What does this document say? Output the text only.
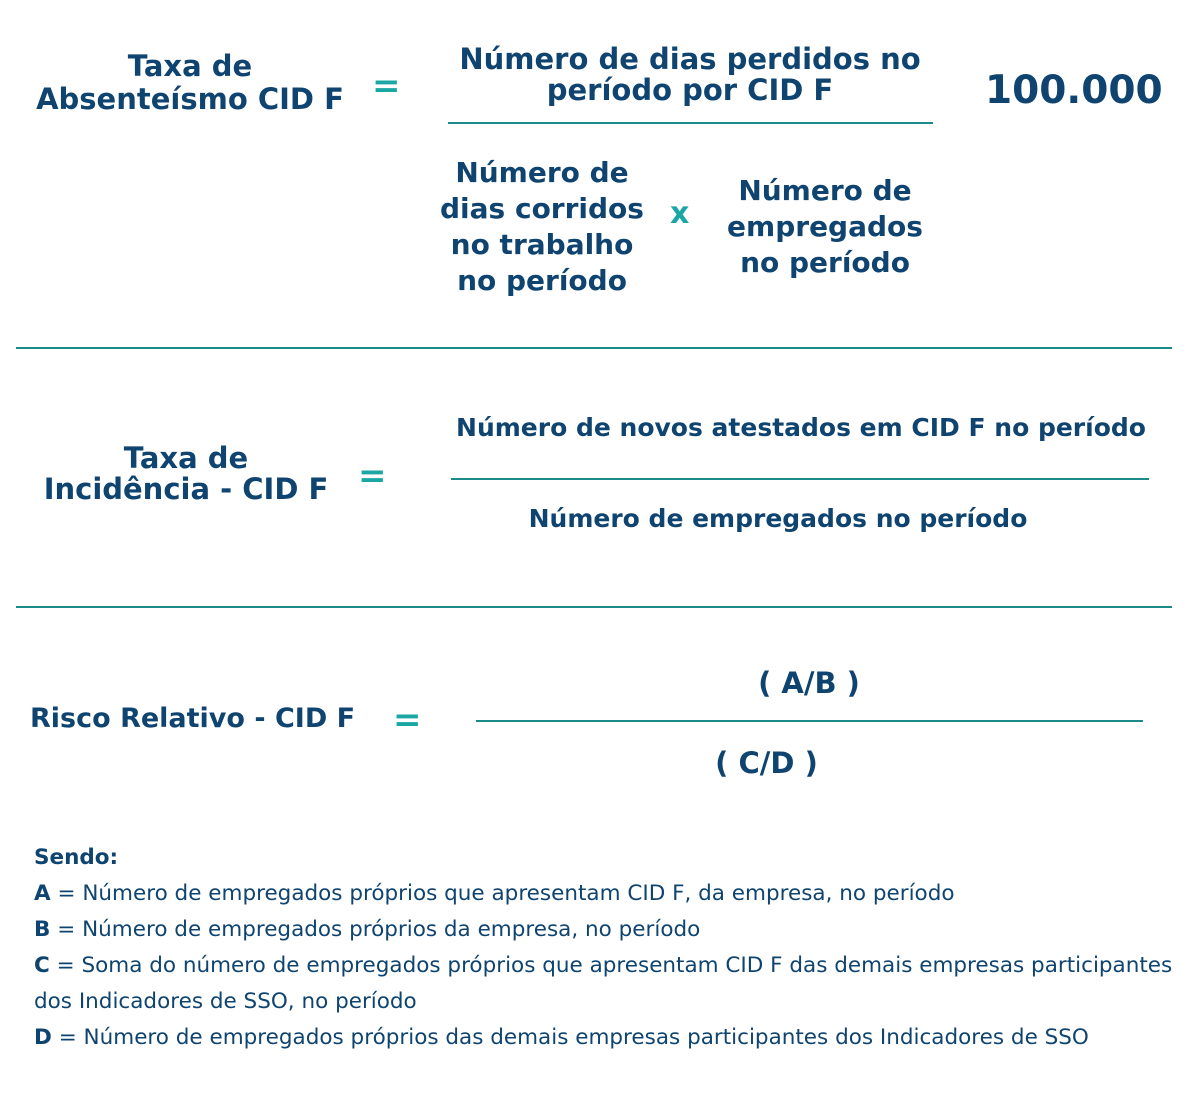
Taxa de
Absenteísmo CID F =
Número de dias perdidos no período por CID F	100.000
Número de dias corridos no trabalho no período
x
Número de empregados no período
Taxa de
Incidência - CID F =
Número de novos atestados em CID F no período
Número de empregados no período
Risco Relativo - CID F =
( A/B )
( C/D )

Sendo:

A = Número de empregados próprios que apresentam CID F, da empresa, no período

B = Número de empregados próprios da empresa, no período

C = Soma do número de empregados próprios que apresentam CID F das demais empresas participantes dos Indicadores de SSO, no período

D = Número de empregados próprios das demais empresas participantes dos Indicadores de SSO
